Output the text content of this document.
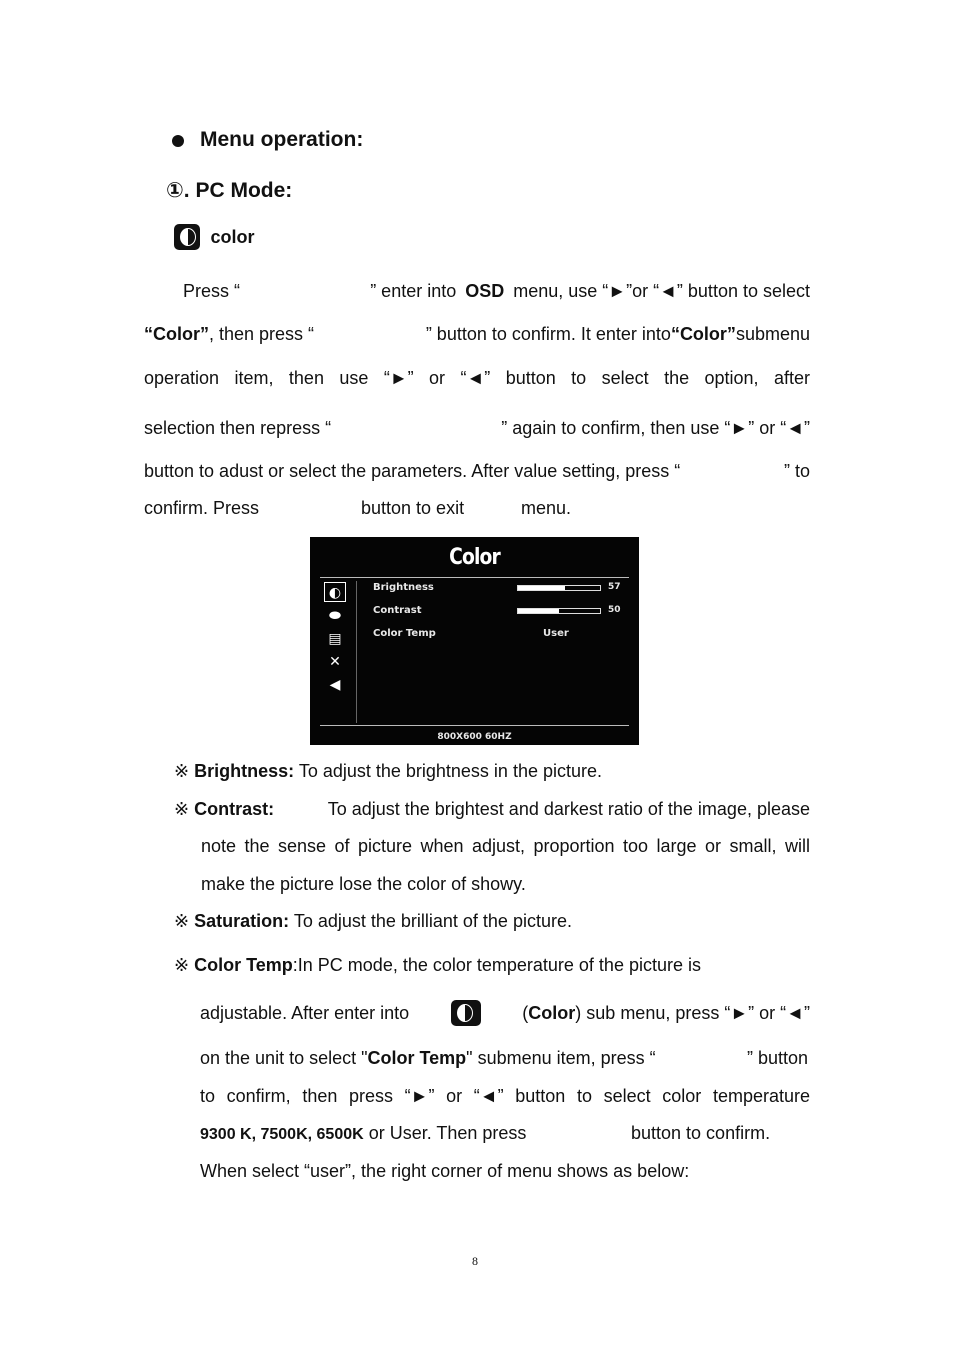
Menu operation:
①. PC Mode:
color
Press “	” enter into OSD menu, use “►”or “◄” button to select
“Color”, then press “	” button to confirm. It enter into“Color”submenu
operation item, then use “►” or “◄” button to select the option, after
selection then repress “	” again to confirm, then use “►” or “◄”
button to adust or select the parameters. After value setting, press “	” to
confirm. Press	button to exit	menu.
Color
◐
⬬
▤
✕
◀
Brightness	57
Contrast	50
Color Temp	User
800X600 60HZ
※ Brightness: To adjust the brightness in the picture.
※ Contrast:	To adjust the brightest and darkest ratio of the image, please
note the sense of picture when adjust, proportion too large or small, will
make the picture lose the color of showy.
※ Saturation: To adjust the brilliant of the picture.
※ Color Temp:In PC mode, the color temperature of the picture is
adjustable. After enter into	(Color) sub menu, press “►” or “◄”
on the unit to select "Color Temp" submenu item, press “	” button
to confirm, then press “►” or “◄” button to select color temperature
9300 K, 7500K, 6500K or User. Then press	button to confirm.
When select “user”, the right corner of menu shows as below:
8
